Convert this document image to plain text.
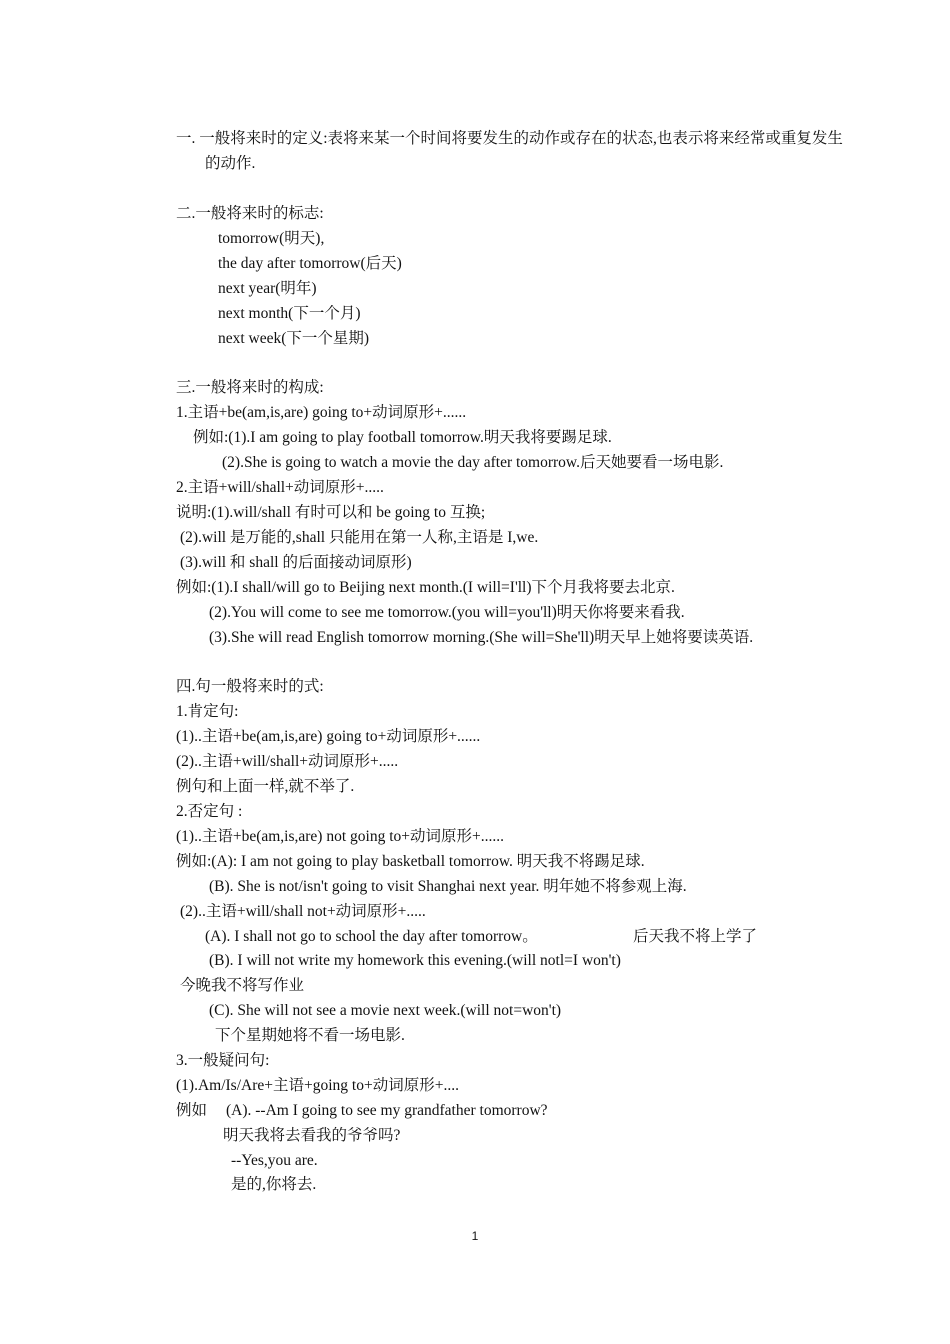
一. 一般将来时的定义:表将来某一个时间将要发生的动作或存在的状态,也表示将来经常或重复发生
的动作.
二.一般将来时的标志:
tomorrow(明天),
the day after tomorrow(后天)
next year(明年)
next month(下一个月)
next week(下一个星期)
三.一般将来时的构成:
1.主语+be(am,is,are) going to+动词原形+......
例如:(1).I am going to play football tomorrow.明天我将要踢足球.
(2).She is going to watch a movie the day after tomorrow.后天她要看一场电影.
2.主语+will/shall+动词原形+.....
说明:(1).will/shall 有时可以和 be going to 互换;
(2).will 是万能的,shall 只能用在第一人称,主语是 I,we.
(3).will 和 shall 的后面接动词原形)
例如:(1).I shall/will go to Beijing next month.(I will=I'll)下个月我将要去北京.
(2).You will come to see me tomorrow.(you will=you'll)明天你将要来看我.
(3).She will read English tomorrow morning.(She will=She'll)明天早上她将要读英语.
四.句一般将来时的式:
1.肯定句:
(1)..主语+be(am,is,are) going to+动词原形+......
(2)..主语+will/shall+动词原形+.....
例句和上面一样,就不举了.
2.否定句 :
(1)..主语+be(am,is,are) not going to+动词原形+......
例如:(A): I am not going to play basketball tomorrow. 明天我不将踢足球.
(B). She is not/isn't going to visit Shanghai next year. 明年她不将参观上海.
(2)..主语+will/shall not+动词原形+.....
(A). I shall not go to school the day after tomorrow。	后天我不将上学了
(B). I will not write my homework this evening.(will notl=I won't)
今晚我不将写作业
(C). She will not see a movie next week.(will not=won't)
下个星期她将不看一场电影.
3.一般疑问句:
(1).Am/Is/Are+主语+going to+动词原形+....
例如 (A). --Am I going to see my grandfather tomorrow?
明天我将去看我的爷爷吗?
--Yes,you are.
是的,你将去.
1
